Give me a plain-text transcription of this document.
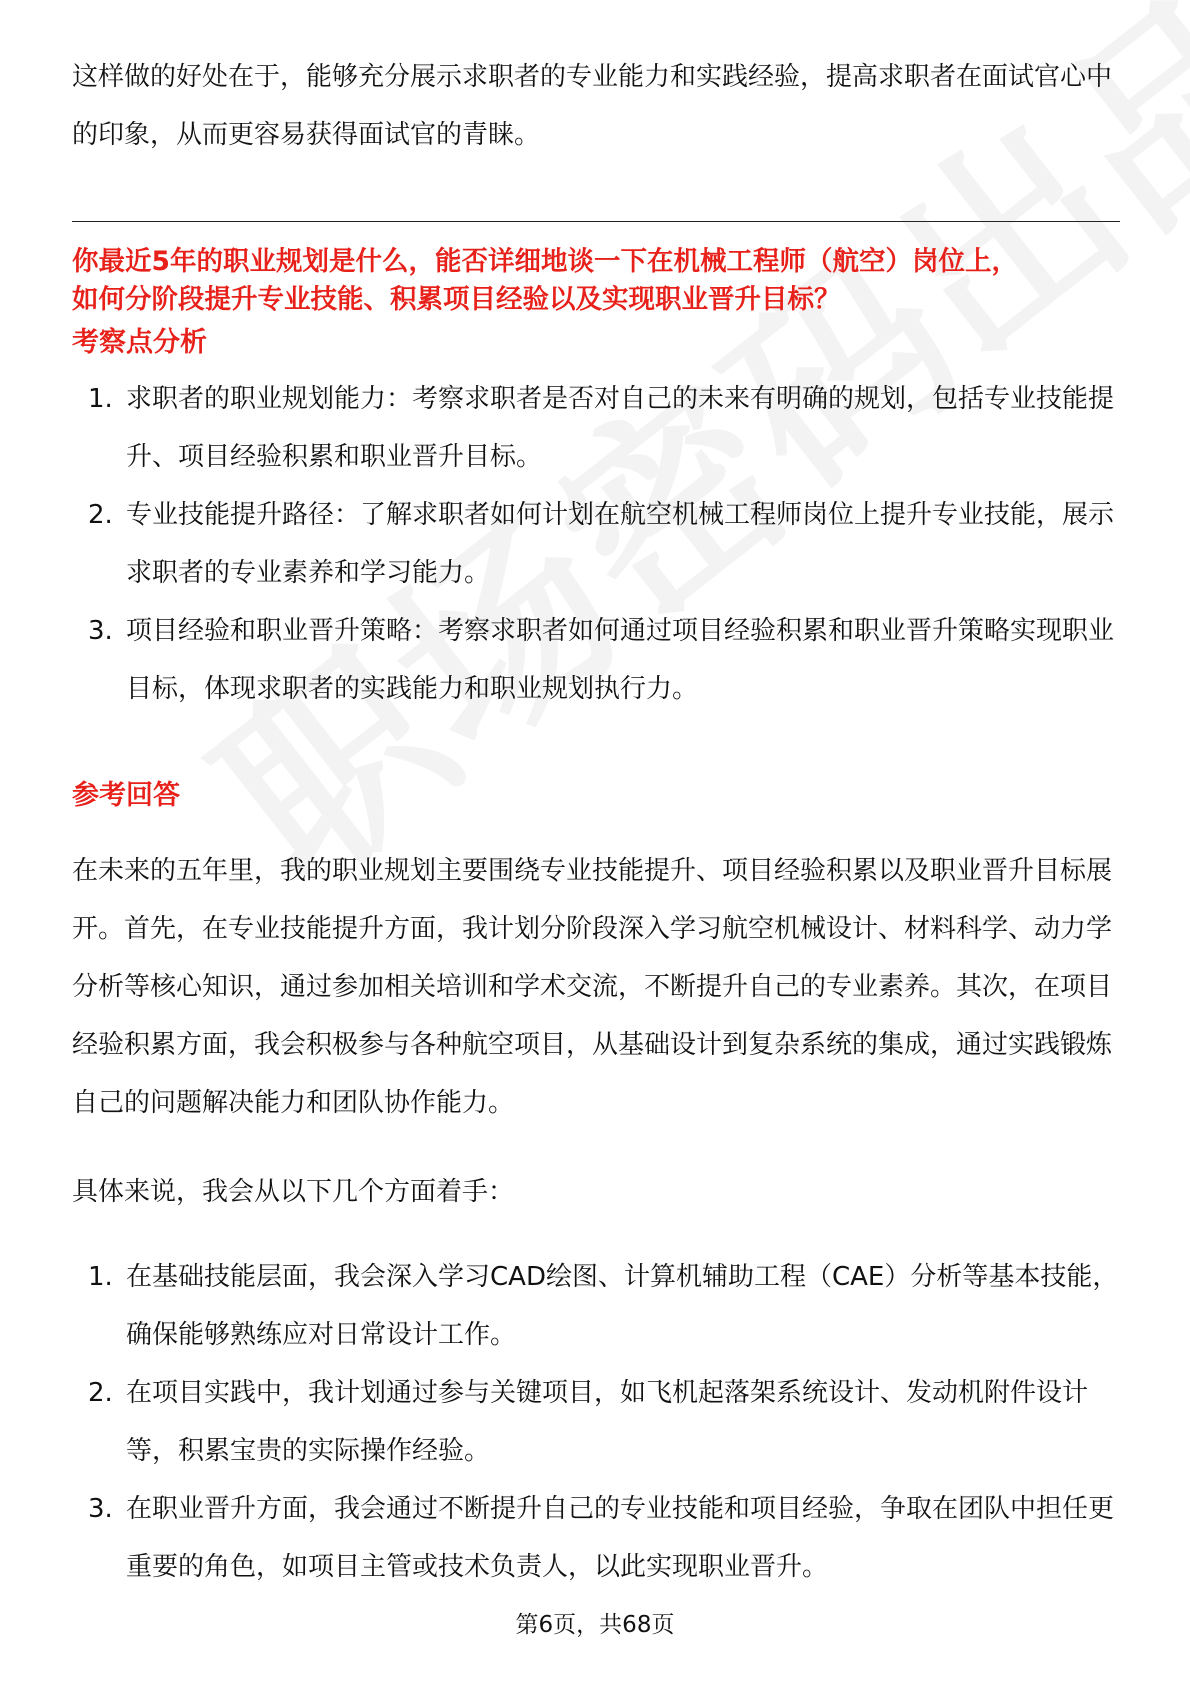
这样做的好处在于，能够充分展示求职者的专业能力和实践经验，提高求职者在面试官心中的印象，从而更容易获得面试官的青睐。

你最近5年的职业规划是什么，能否详细地谈一下在机械工程师（航空）岗位上，
如何分阶段提升专业技能、积累项目经验以及实现职业晋升目标？
考察点分析
1. 求职者的职业规划能力：考察求职者是否对自己的未来有明确的规划，包括专业技能提升、项目经验积累和职业晋升目标。
2. 专业技能提升路径：了解求职者如何计划在航空机械工程师岗位上提升专业技能，展示求职者的专业素养和学习能力。
3. 项目经验和职业晋升策略：考察求职者如何通过项目经验积累和职业晋升策略实现职业目标，体现求职者的实践能力和职业规划执行力。
参考回答

在未来的五年里，我的职业规划主要围绕专业技能提升、项目经验积累以及职业晋升目标展开。首先，在专业技能提升方面，我计划分阶段深入学习航空机械设计、材料科学、动力学分析等核心知识，通过参加相关培训和学术交流，不断提升自己的专业素养。其次，在项目经验积累方面，我会积极参与各种航空项目，从基础设计到复杂系统的集成，通过实践锻炼自己的问题解决能力和团队协作能力。

具体来说，我会从以下几个方面着手：

1. 在基础技能层面，我会深入学习CAD绘图、计算机辅助工程（CAE）分析等基本技能，确保能够熟练应对日常设计工作。
2. 在项目实践中，我计划通过参与关键项目，如飞机起落架系统设计、发动机附件设计等，积累宝贵的实际操作经验。
3. 在职业晋升方面，我会通过不断提升自己的专业技能和项目经验，争取在团队中担任更重要的角色，如项目主管或技术负责人，以此实现职业晋升。
第6页，共68页
